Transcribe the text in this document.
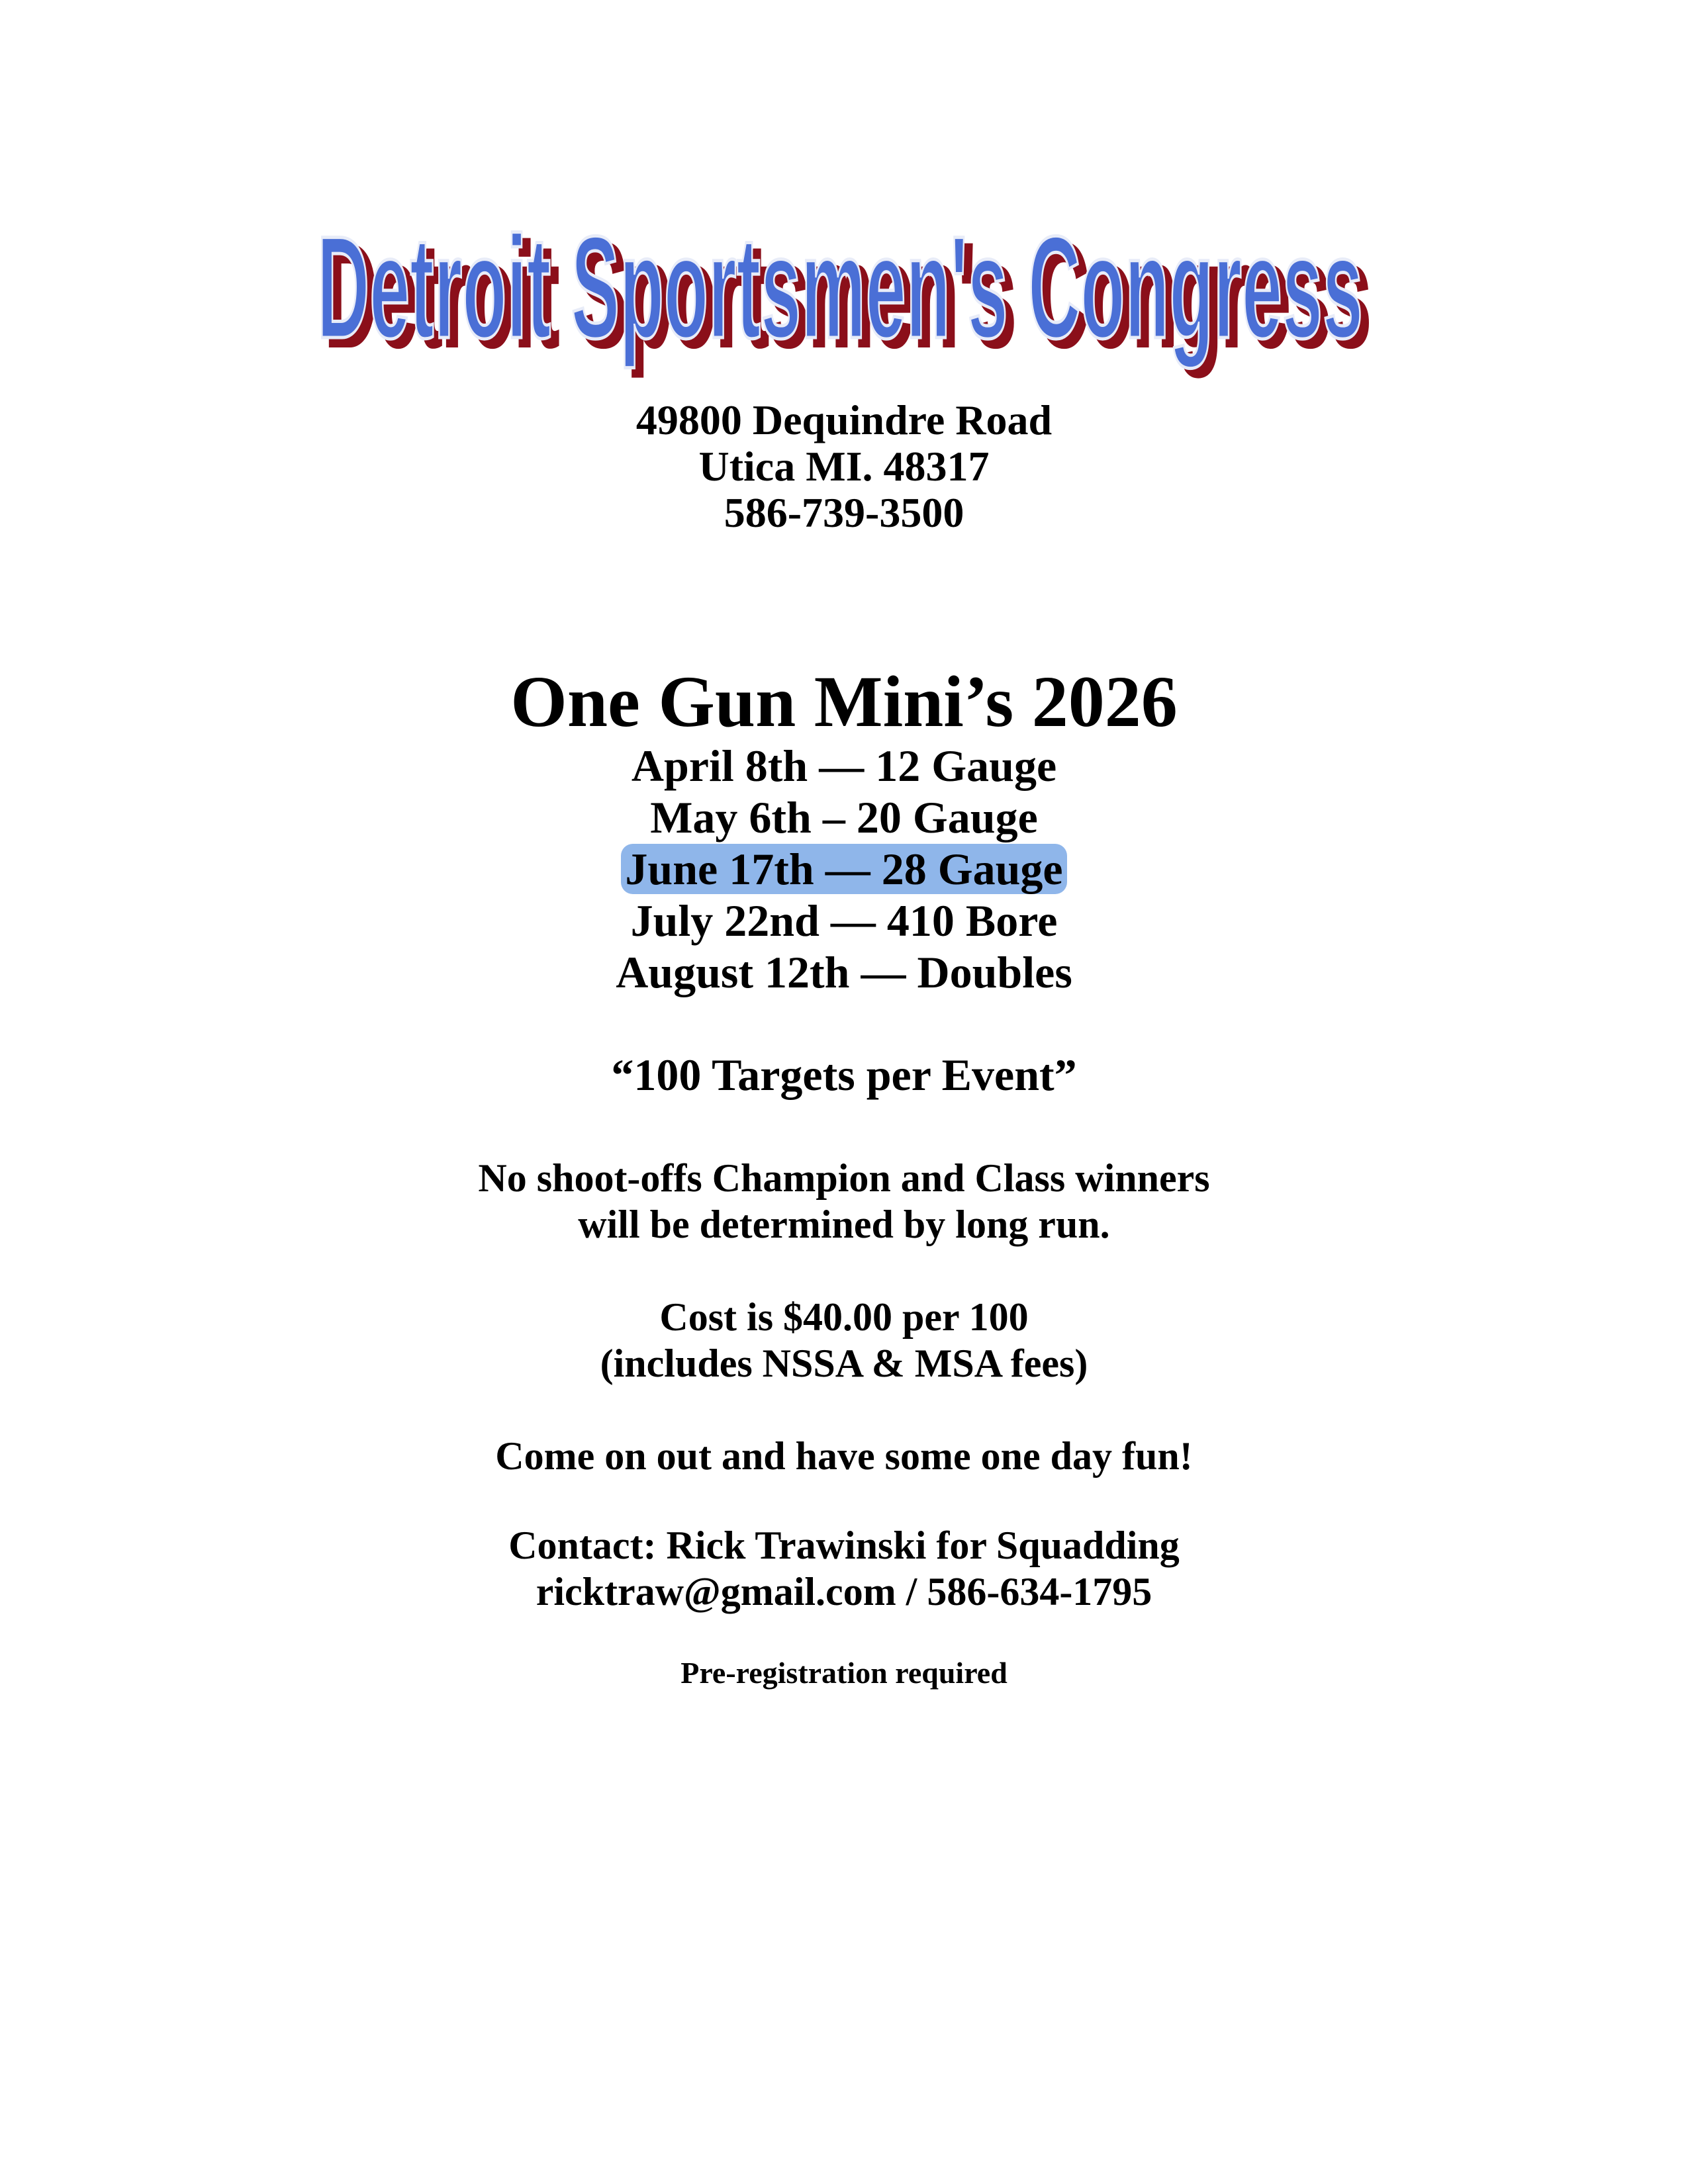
Detroit Sportsmen's Congress
Detroit Sportsmen's Congress
49800 Dequindre Road
Utica MI. 48317
586-739-3500
One Gun Mini’s 2026
April 8th — 12 Gauge
May 6th – 20 Gauge
June 17th — 28 Gauge
July 22nd — 410 Bore
August 12th — Doubles
“100 Targets per Event”
No shoot-offs Champion and Class winners
will be determined by long run.
Cost is $40.00 per 100
(includes NSSA & MSA fees)
Come on out and have some one day fun!
Contact: Rick Trawinski for Squadding
ricktraw@gmail.com / 586-634-1795
Pre-registration required
